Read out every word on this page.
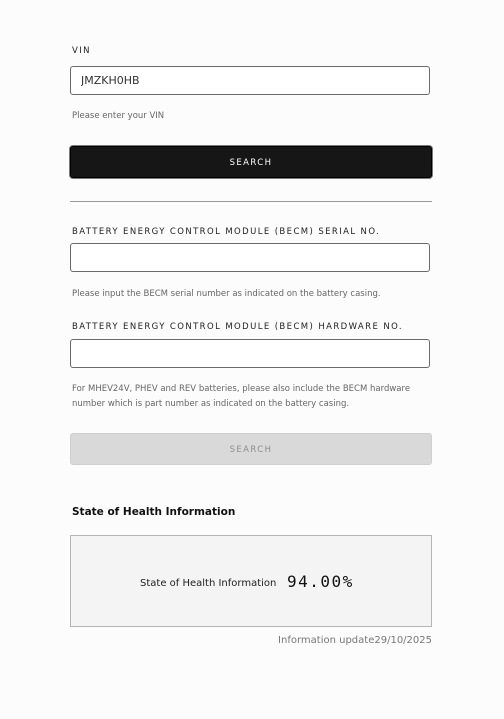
VIN
JMZKH0HB
Please enter your VIN
SEARCH
BATTERY ENERGY CONTROL MODULE (BECM) SERIAL NO.
Please input the BECM serial number as indicated on the battery casing.
BATTERY ENERGY CONTROL MODULE (BECM) HARDWARE NO.
For MHEV24V, PHEV and REV batteries, please also include the BECM hardware
number which is part number as indicated on the battery casing.
SEARCH
State of Health Information
State of Health Information 94.00%
Information update29/10/2025
